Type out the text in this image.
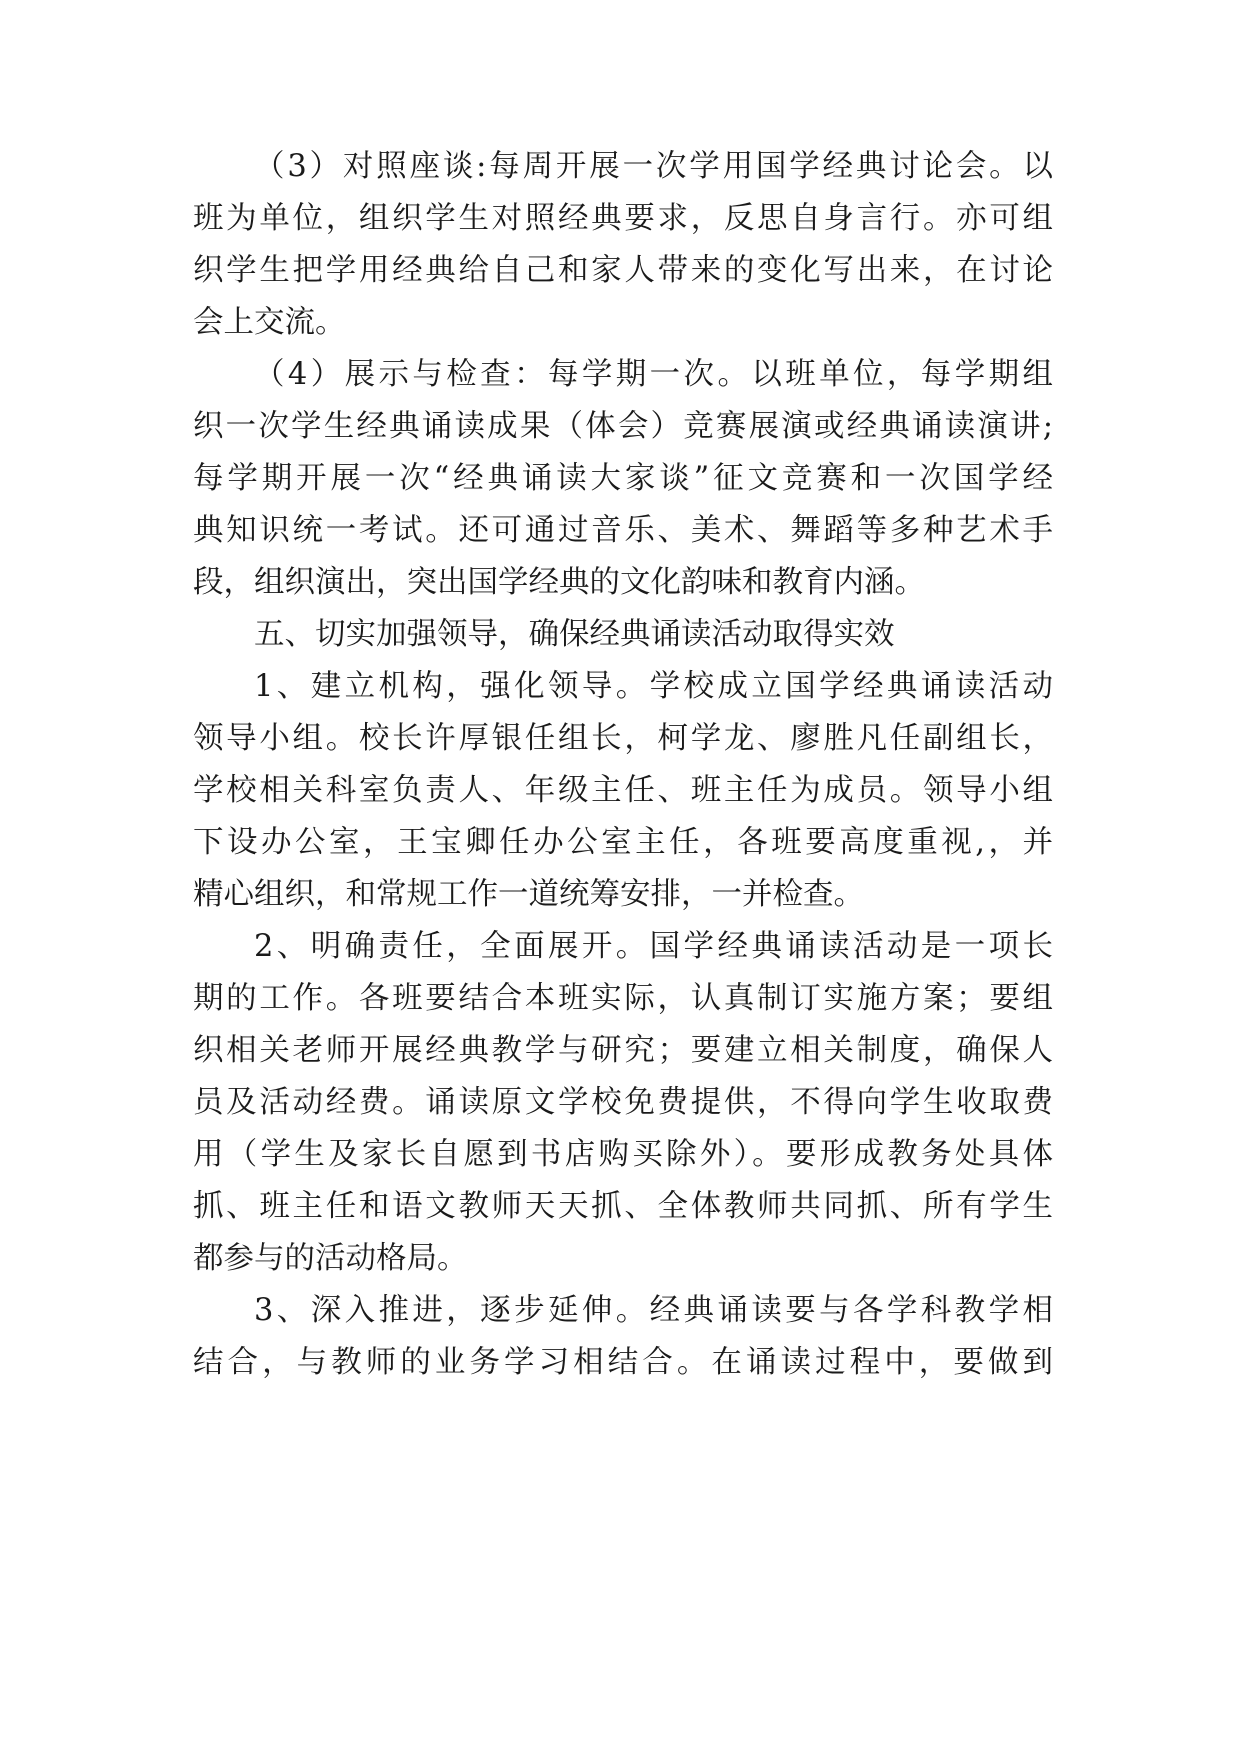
（3）对照座谈:每周开展一次学用国学经典讨论会。以
班为单位，组织学生对照经典要求，反思自身言行。亦可组
织学生把学用经典给自己和家人带来的变化写出来，在讨论
会上交流。
（4）展示与检查：每学期一次。以班单位，每学期组
织一次学生经典诵读成果（体会）竞赛展演或经典诵读演讲;
每学期开展一次“经典诵读大家谈”征文竞赛和一次国学经
典知识统一考试。还可通过音乐、美术、舞蹈等多种艺术手
段，组织演出，突出国学经典的文化韵味和教育内涵。
五、切实加强领导，确保经典诵读活动取得实效
1、建立机构，强化领导。学校成立国学经典诵读活动
领导小组。校长许厚银任组长，柯学龙、廖胜凡任副组长，
学校相关科室负责人、年级主任、班主任为成员。领导小组
下设办公室，王宝卿任办公室主任，各班要高度重视,，并
精心组织，和常规工作一道统筹安排，一并检查。
2、明确责任，全面展开。国学经典诵读活动是一项长
期的工作。各班要结合本班实际，认真制订实施方案；要组
织相关老师开展经典教学与研究；要建立相关制度，确保人
员及活动经费。诵读原文学校免费提供，不得向学生收取费
用（学生及家长自愿到书店购买除外）。要形成教务处具体
抓、班主任和语文教师天天抓、全体教师共同抓、所有学生
都参与的活动格局。
3、深入推进，逐步延伸。经典诵读要与各学科教学相
结合，与教师的业务学习相结合。在诵读过程中，要做到
